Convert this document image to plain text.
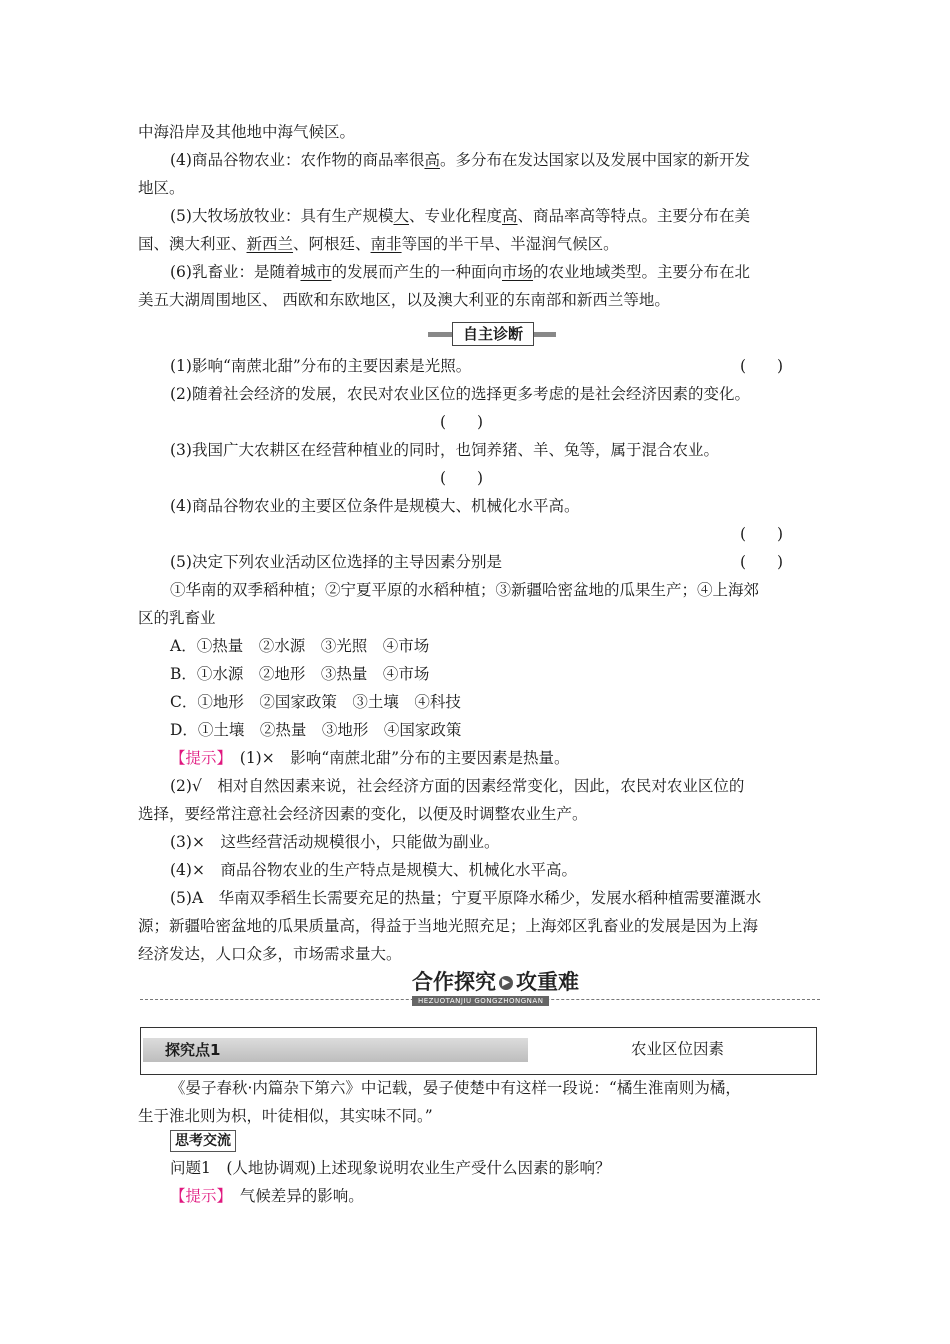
中海沿岸及其他地中海气候区。
(4)商品谷物农业：农作物的商品率很高。多分布在发达国家以及发展中国家的新开发
地区。
(5)大牧场放牧业：具有生产规模大、专业化程度高、商品率高等特点。主要分布在美
国、澳大利亚、新西兰、阿根廷、南非等国的半干旱、半湿润气候区。
(6)乳畜业：是随着城市的发展而产生的一种面向市场的农业地域类型。主要分布在北
美五大湖周围地区、 西欧和东欧地区，以及澳大利亚的东南部和新西兰等地。
自主诊断
(1)影响“南蔗北甜”分布的主要因素是光照。	(　　)
(2)随着社会经济的发展，农民对农业区位的选择更多考虑的是社会经济因素的变化。
(　　)
(3)我国广大农耕区在经营种植业的同时，也饲养猪、羊、兔等，属于混合农业。
(　　)
(4)商品谷物农业的主要区位条件是规模大、机械化水平高。
(　　)
(5)决定下列农业活动区位选择的主导因素分别是	(　　)
①华南的双季稻种植；②宁夏平原的水稻种植；③新疆哈密盆地的瓜果生产；④上海郊
区的乳畜业
A．①热量　②水源　③光照　④市场
B．①水源　②地形　③热量　④市场
C．①地形　②国家政策　③土壤　④科技
D．①土壤　②热量　③地形　④国家政策
【提示】　(1)×　影响“南蔗北甜”分布的主要因素是热量。
(2)√　相对自然因素来说，社会经济方面的因素经常变化，因此，农民对农业区位的
选择，要经常注意社会经济因素的变化，以便及时调整农业生产。
(3)×　这些经营活动规模很小，只能做为副业。
(4)×　商品谷物农业的生产特点是规模大、机械化水平高。
(5)A　华南双季稻生长需要充足的热量；宁夏平原降水稀少，发展水稻种植需要灌溉水
源；新疆哈密盆地的瓜果质量高，得益于当地光照充足；上海郊区乳畜业的发展是因为上海
经济发达，人口众多，市场需求量大。
合作探究 ▶ 攻重难
HEZUOTANJIU GONGZHONGNAN
探究点1	农业区位因素
《晏子春秋·内篇杂下第六》中记载，晏子使楚中有这样一段说：“橘生淮南则为橘，
生于淮北则为枳，叶徒相似，其实味不同。”
思考交流
问题1　(人地协调观)上述现象说明农业生产受什么因素的影响？
【提示】　气候差异的影响。
